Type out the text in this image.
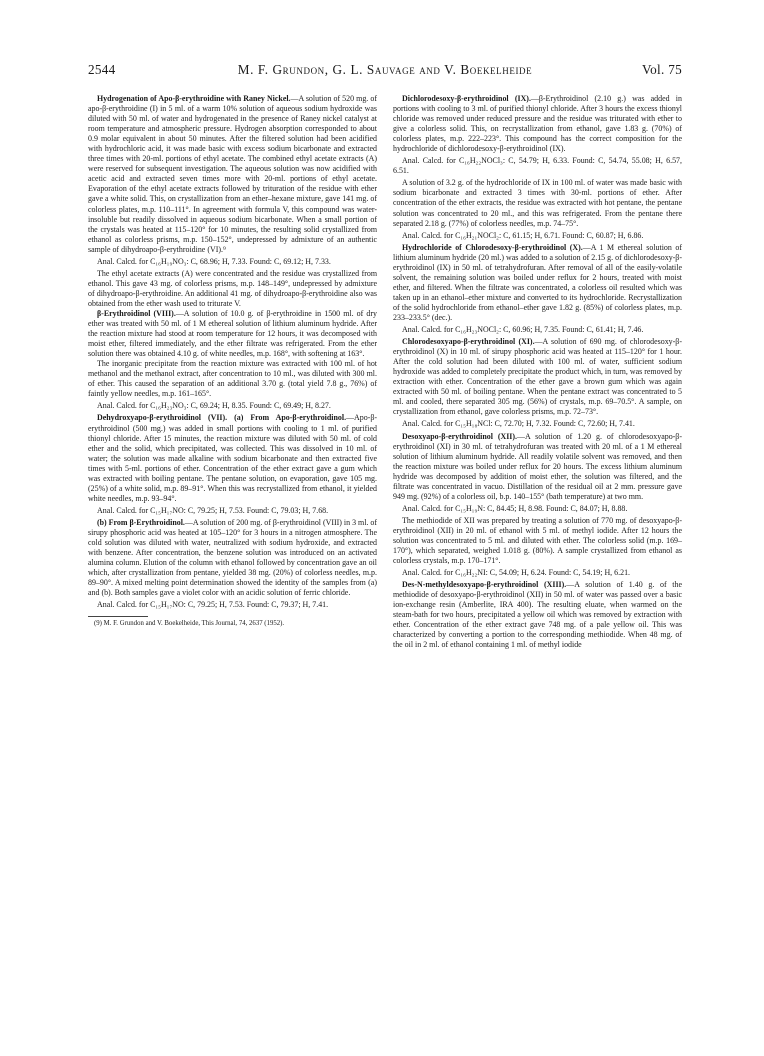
2544	M. F. Grundon, G. L. Sauvage and V. Boekelheide	Vol. 75

Hydrogenation of Apo-β-erythroidine with Raney Nickel.—A solution of 520 mg. of apo-β-erythroidine (I) in 5 ml. of a warm 10% solution of aqueous sodium hydroxide was diluted with 50 ml. of water and hydrogenated in the presence of Raney nickel catalyst at room temperature and atmospheric pressure. Hydrogen absorption corresponded to about 0.9 molar equivalent in about 50 minutes. After the filtered solution had been acidified with hydrochloric acid, it was made basic with excess sodium bicarbonate and extracted three times with 20-ml. portions of ethyl acetate. The combined ethyl acetate extracts (A) were reserved for subsequent investigation. The aqueous solution was now acidified with acetic acid and extracted seven times more with 20-ml. portions of ethyl acetate. Evaporation of the ethyl acetate extracts followed by trituration of the residue with ether gave a white solid. This, on crystallization from an ether–hexane mixture, gave 141 mg. of colorless plates, m.p. 110–111°. In agreement with formula V, this compound was water-insoluble but readily dissolved in aqueous sodium bicarbonate. When a small portion of the crystals was heated at 115–120° for 10 minutes, the resulting solid crystallized from ethanol as colorless prisms, m.p. 150–152°, undepressed by admixture of an authentic sample of dihydroapo-β-erythroidine (VI).⁹

Anal. Calcd. for C₁₆H₁₉NO₃: C, 68.96; H, 7.33. Found: C, 69.12; H, 7.33.

The ethyl acetate extracts (A) were concentrated and the residue was crystallized from ethanol. This gave 43 mg. of colorless prisms, m.p. 148–149°, undepressed by admixture of dihydroapo-β-erythroidine. An additional 41 mg. of dihydroapo-β-erythroidine also was obtained from the ether wash used to triturate V.

β-Erythroidinol (VIII).—A solution of 10.0 g. of β-erythroidine in 1500 ml. of dry ether was treated with 50 ml. of 1 M ethereal solution of lithium aluminum hydride. After the reaction mixture had stood at room temperature for 12 hours, it was decomposed with moist ether, filtered immediately, and the ether filtrate was refrigerated. From the ether solution there was obtained 4.10 g. of white needles, m.p. 168°, with softening at 163°.

The inorganic precipitate from the reaction mixture was extracted with 100 ml. of hot methanol and the methanol extract, after concentration to 10 ml., was diluted with 300 ml. of ether. This caused the separation of an additional 3.70 g. (total yield 7.8 g., 76%) of faintly yellow needles, m.p. 161–165°.

Anal. Calcd. for C₁₆H₂₃NO₃: C, 69.24; H, 8.35. Found: C, 69.49; H, 8.27.

Dehydroxyapo-β-erythroidinol (VII). (a) From Apo-β-erythroidinol.—Apo-β-erythroidinol (500 mg.) was added in small portions with cooling to 1 ml. of purified thionyl chloride. After 15 minutes, the reaction mixture was diluted with 50 ml. of cold ether and the solid, which precipitated, was collected. This was dissolved in 10 ml. of water; the solution was made alkaline with sodium bicarbonate and then extracted five times with 5-ml. portions of ether. Concentration of the ether extract gave a gum which was extracted with boiling pentane. The pentane solution, on evaporation, gave 105 mg. (25%) of a white solid, m.p. 89–91°. When this was recrystallized from ethanol, it yielded white needles, m.p. 93–94°.

Anal. Calcd. for C₁₅H₁₇NO: C, 79.25; H, 7.53. Found: C, 79.03; H, 7.68.

(b) From β-Erythroidinol.—A solution of 200 mg. of β-erythroidinol (VIII) in 3 ml. of sirupy phosphoric acid was heated at 105–120° for 3 hours in a nitrogen atmosphere. The cold solution was diluted with water, neutralized with sodium hydroxide, and extracted with benzene. After concentration, the benzene solution was introduced on an activated alumina column. Elution of the column with ethanol followed by concentration gave an oil which, after crystallization from pentane, yielded 38 mg. (20%) of colorless needles, m.p. 89–90°. A mixed melting point determination showed the identity of the samples from (a) and (b). Both samples gave a violet color with an acidic solution of ferric chloride.

Anal. Calcd. for C₁₅H₁₇NO: C, 79.25; H, 7.53. Found: C, 79.37; H, 7.41.

(9) M. F. Grundon and V. Boekelheide, This Journal, 74, 2637 (1952).

Dichlorodesoxy-β-erythroidinol (IX).—β-Erythroidinol (2.10 g.) was added in portions with cooling to 3 ml. of purified thionyl chloride. After 3 hours the excess thionyl chloride was removed under reduced pressure and the residue was triturated with ether to give a colorless solid. This, on recrystallization from ethanol, gave 1.83 g. (70%) of colorless plates, m.p. 222–223°. This compound has the correct composition for the hydrochloride of dichlorodesoxy-β-erythroidinol (IX).

Anal. Calcd. for C₁₆H₂₂NOCl₃: C, 54.79; H, 6.33. Found: C, 54.74, 55.08; H, 6.57, 6.51.

A solution of 3.2 g. of the hydrochloride of IX in 100 ml. of water was made basic with sodium bicarbonate and extracted 3 times with 30-ml. portions of ether. After concentration of the ether extracts, the residue was extracted with hot pentane, the pentane solution was concentrated to 20 ml., and this was refrigerated. From the pentane there separated 2.18 g. (77%) of colorless needles, m.p. 74–75°.

Anal. Calcd. for C₁₆H₂₁NOCl₂: C, 61.15; H, 6.71. Found: C, 60.87; H, 6.86.

Hydrochloride of Chlorodesoxy-β-erythroidinol (X).—A 1 M ethereal solution of lithium aluminum hydride (20 ml.) was added to a solution of 2.15 g. of dichlorodesoxy-β-erythroidinol (IX) in 50 ml. of tetrahydrofuran. After removal of all of the easily-volatile solvent, the remaining solution was boiled under reflux for 2 hours, treated with moist ether, and filtered. When the filtrate was concentrated, a colorless oil resulted which was taken up in an ethanol–ether mixture and converted to its hydrochloride. Recrystallization of the solid hydrochloride from ethanol–ether gave 1.82 g. (85%) of colorless plates, m.p. 233–233.5° (dec.).

Anal. Calcd. for C₁₆H₂₃NOCl₂: C, 60.96; H, 7.35. Found: C, 61.41; H, 7.46.

Chlorodesoxyapo-β-erythroidinol (XI).—A solution of 690 mg. of chlorodesoxy-β-erythroidinol (X) in 10 ml. of sirupy phosphoric acid was heated at 115–120° for 1 hour. After the cold solution had been diluted with 100 ml. of water, sufficient sodium hydroxide was added to completely precipitate the product which, in turn, was removed by extraction with ether. Concentration of the ether gave a brown gum which was again extracted with 50 ml. of boiling pentane. When the pentane extract was concentrated to 5 ml. and cooled, there separated 305 mg. (56%) of crystals, m.p. 69–70.5°. A sample, on crystallization from ethanol, gave colorless prisms, m.p. 72–73°.

Anal. Calcd. for C₁₅H₁₈NCl: C, 72.70; H, 7.32. Found: C, 72.60; H, 7.41.

Desoxyapo-β-erythroidinol (XII).—A solution of 1.20 g. of chlorodesoxyapo-β-erythroidinol (XI) in 30 ml. of tetrahydrofuran was treated with 20 ml. of a 1 M ethereal solution of lithium aluminum hydride. All readily volatile solvent was removed, and then the reaction mixture was boiled under reflux for 20 hours. The excess lithium aluminum hydride was decomposed by addition of moist ether, the solution was filtered, and the filtrate was concentrated in vacuo. Distillation of the residual oil at 2 mm. pressure gave 949 mg. (92%) of a colorless oil, b.p. 140–155° (bath temperature) at two mm.

Anal. Calcd. for C₁₅H₁₉N: C, 84.45; H, 8.98. Found: C, 84.07; H, 8.88.

The methiodide of XII was prepared by treating a solution of 770 mg. of desoxyapo-β-erythroidinol (XII) in 20 ml. of ethanol with 5 ml. of methyl iodide. After 12 hours the solution was concentrated to 5 ml. and diluted with ether. The colorless solid (m.p. 169–170°), which separated, weighed 1.018 g. (80%). A sample crystallized from ethanol as colorless crystals, m.p. 170–171°.

Anal. Calcd. for C₁₆H₂₂NI: C, 54.09; H, 6.24. Found: C, 54.19; H, 6.21.

Des-N-methyldesoxyapo-β-erythroidinol (XIII).—A solution of 1.40 g. of the methiodide of desoxyapo-β-erythroidinol (XII) in 50 ml. of water was passed over a basic ion-exchange resin (Amberlite, IRA 400). The resulting eluate, when warmed on the steam-bath for two hours, precipitated a yellow oil which was removed by extraction with ether. Concentration of the ether extract gave 748 mg. of a pale yellow oil. This was characterized by converting a portion to the corresponding methiodide. When 48 mg. of the oil in 2 ml. of ethanol containing 1 ml. of methyl iodide
